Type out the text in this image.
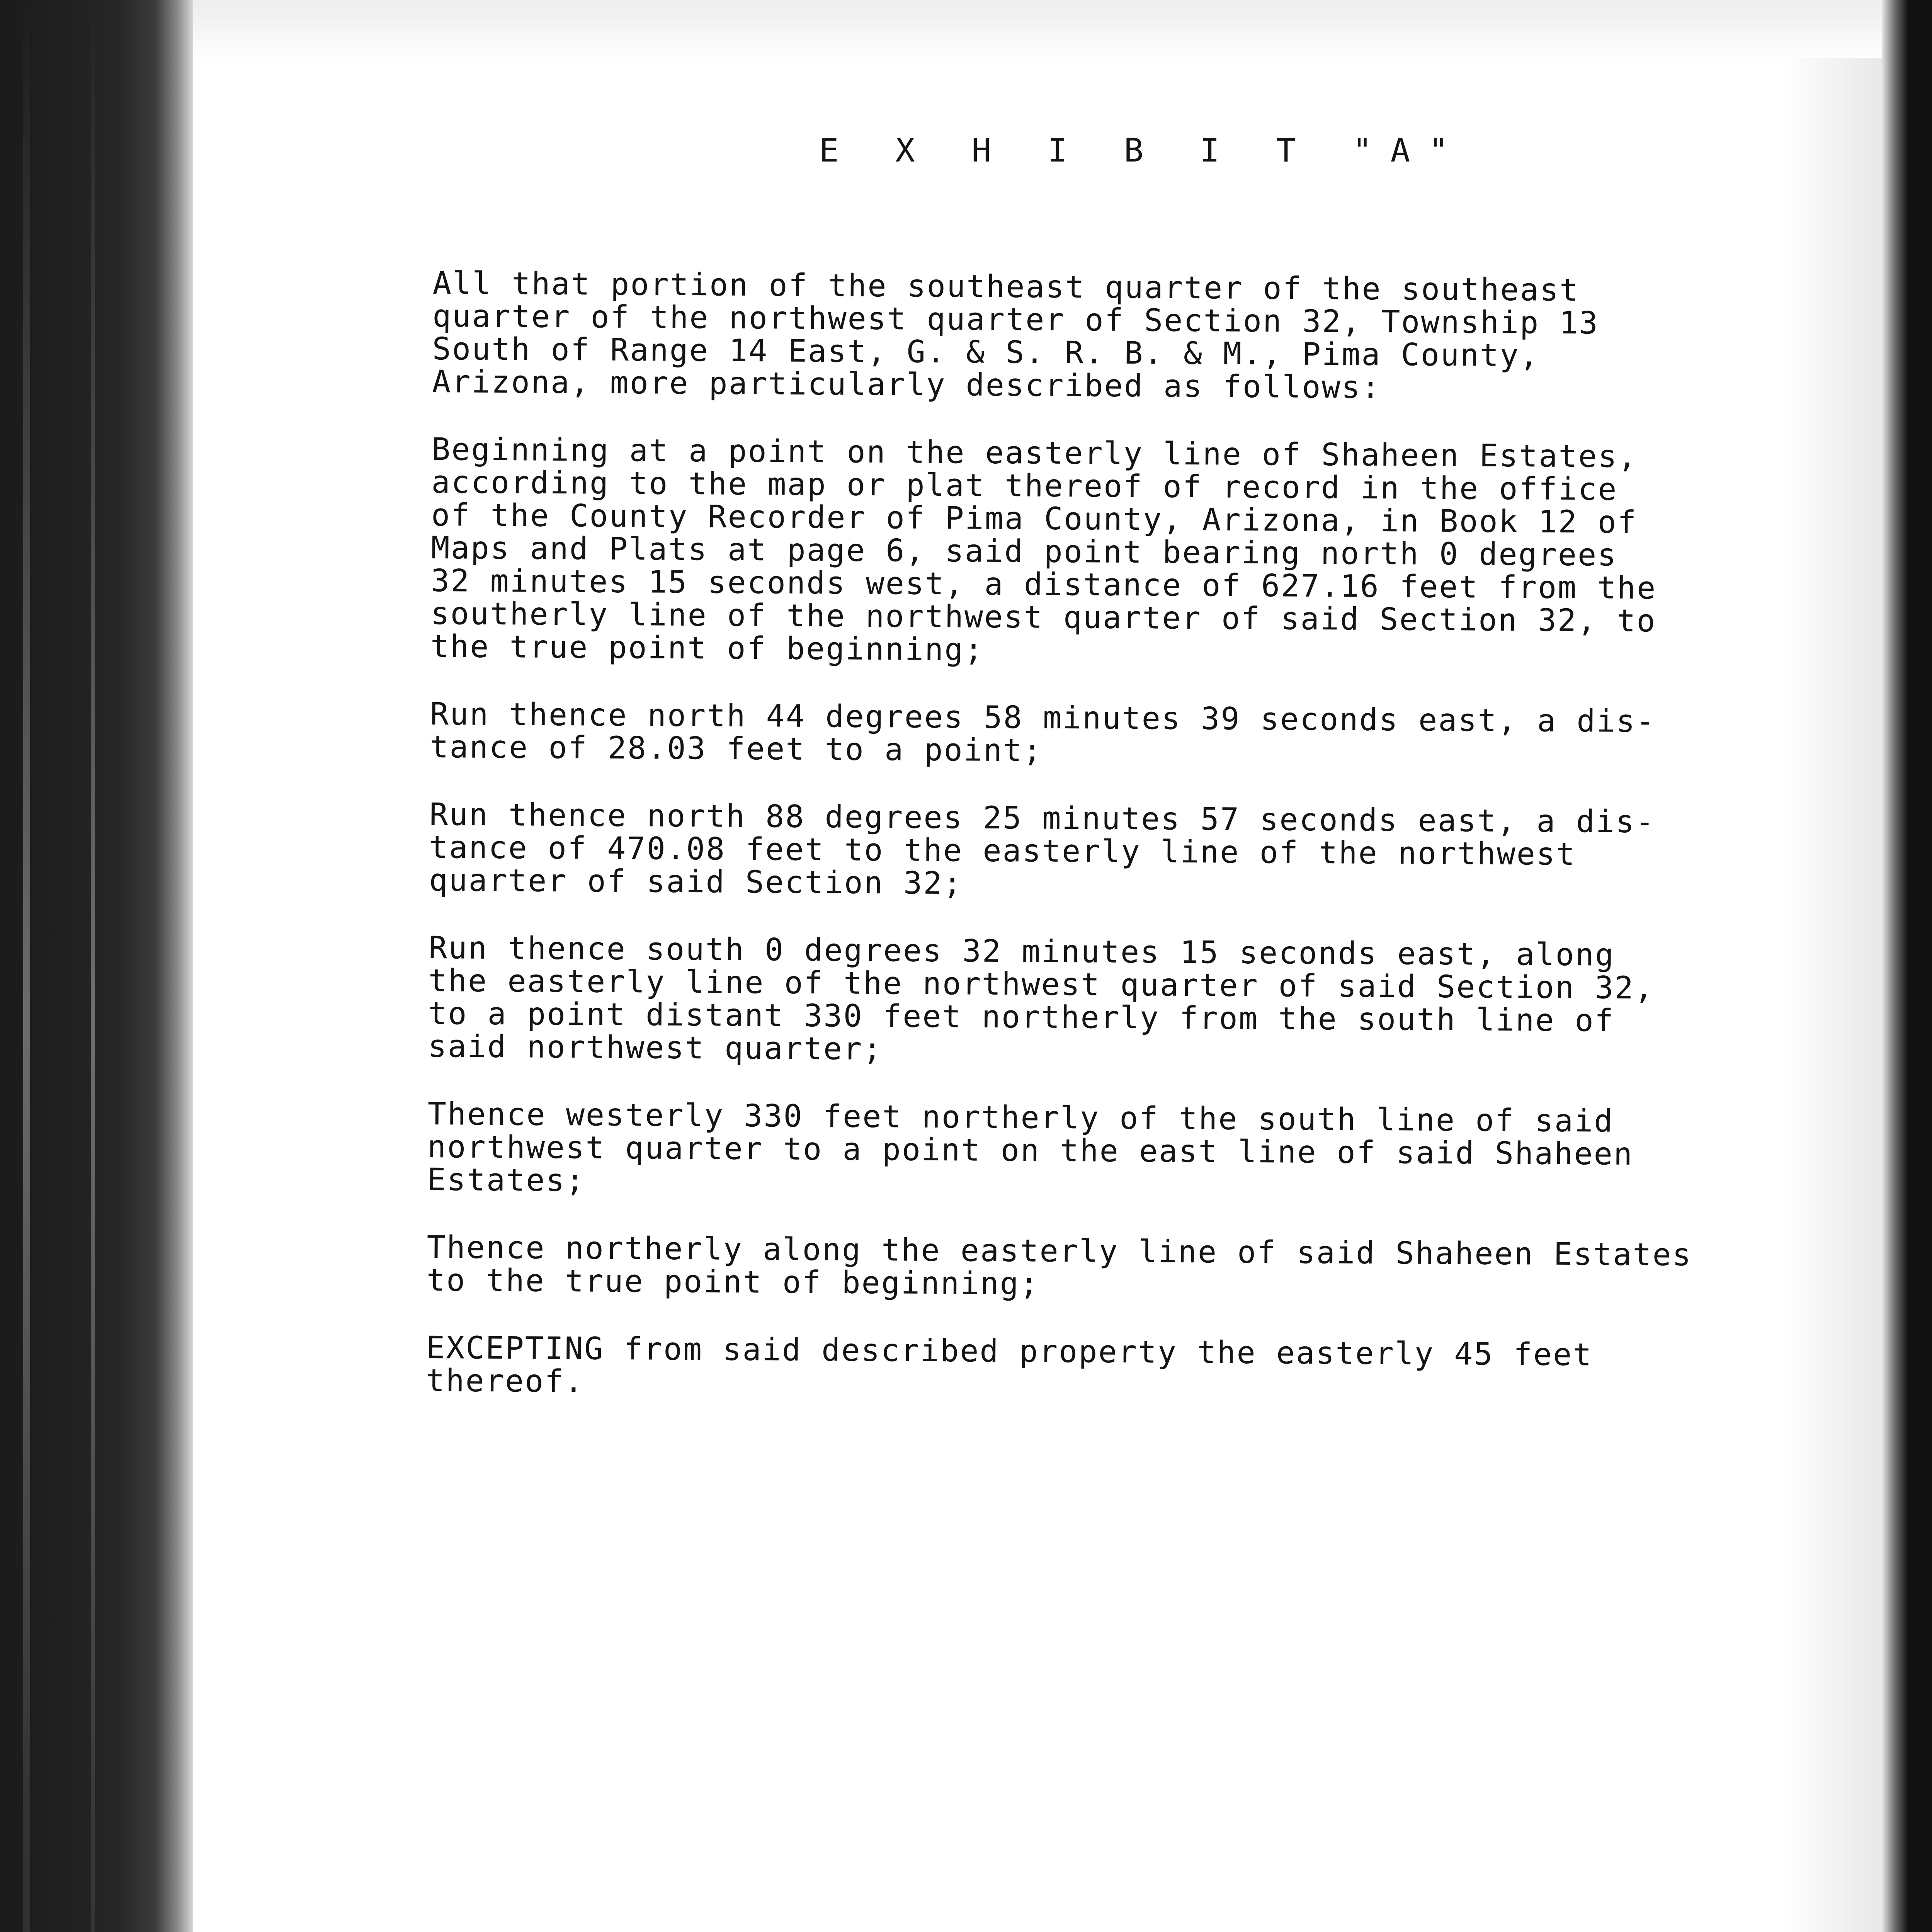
E X H I B I T "A"

All that portion of the southeast quarter of the southeast
quarter of the northwest quarter of Section 32, Township 13
South of Range 14 East, G. & S. R. B. & M., Pima County,
Arizona, more particularly described as follows:

Beginning at a point on the easterly line of Shaheen Estates,
according to the map or plat thereof of record in the office
of the County Recorder of Pima County, Arizona, in Book 12 of
Maps and Plats at page 6, said point bearing north 0 degrees
32 minutes 15 seconds west, a distance of 627.16 feet from the
southerly line of the northwest quarter of said Section 32, to
the true point of beginning;

Run thence north 44 degrees 58 minutes 39 seconds east, a dis-
tance of 28.03 feet to a point;

Run thence north 88 degrees 25 minutes 57 seconds east, a dis-
tance of 470.08 feet to the easterly line of the northwest
quarter of said Section 32;

Run thence south 0 degrees 32 minutes 15 seconds east, along
the easterly line of the northwest quarter of said Section 32,
to a point distant 330 feet northerly from the south line of
said northwest quarter;

Thence westerly 330 feet northerly of the south line of said
northwest quarter to a point on the east line of said Shaheen
Estates;

Thence northerly along the easterly line of said Shaheen Estates
to the true point of beginning;

EXCEPTING from said described property the easterly 45 feet
thereof.
